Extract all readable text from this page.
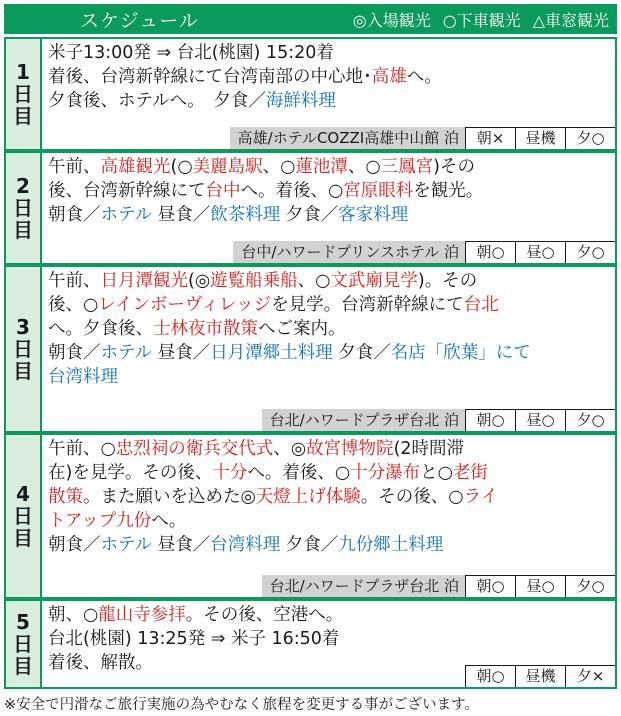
スケジュール	◎入場観光 ○下車観光 △車窓観光
1
日
目
米子13:00発 ⇒ 台北(桃園) 15:20着
着後、台湾新幹線にて台湾南部の中心地･高雄へ。
夕食後、ホテルへ。　夕食／海鮮料理
高雄/ホテルCOZZI高雄中山館 泊	朝×	昼機	夕○
2
日
目
午前、高雄観光(○美麗島駅、○蓮池潭、○三鳳宮)その
後、台湾新幹線にて台中へ。着後、○宮原眼科を観光。
朝食／ホテル 昼食／飲茶料理 夕食／客家料理
台中/ハワードプリンスホテル 泊	朝○	昼○	夕○
3
日
目
午前、日月潭観光(◎遊覧船乗船、○文武廟見学)。その
後、○レインボーヴィレッジを見学。台湾新幹線にて台北
へ。夕食後、士林夜市散策へご案内。
朝食／ホテル 昼食／日月潭郷土料理 夕食／名店「欣葉」にて
台湾料理
台北/ハワードプラザ台北 泊	朝○	昼○	夕○
4
日
目
午前、○忠烈祠の衛兵交代式、◎故宮博物院(2時間滞
在)を見学。その後、十分へ。着後、○十分瀑布と○老街
散策。また願いを込めた◎天燈上げ体験。その後、○ライ
トアップ九份へ。
朝食／ホテル 昼食／台湾料理 夕食／九份郷土料理
台北/ハワードプラザ台北 泊	朝○	昼○	夕○
5
日
目
朝、○龍山寺参拝。その後、空港へ。
台北(桃園) 13:25発 ⇒ 米子 16:50着
着後、解散。
朝○	昼機	夕×
※安全で円滑なご旅行実施の為やむなく旅程を変更する事がございます。
